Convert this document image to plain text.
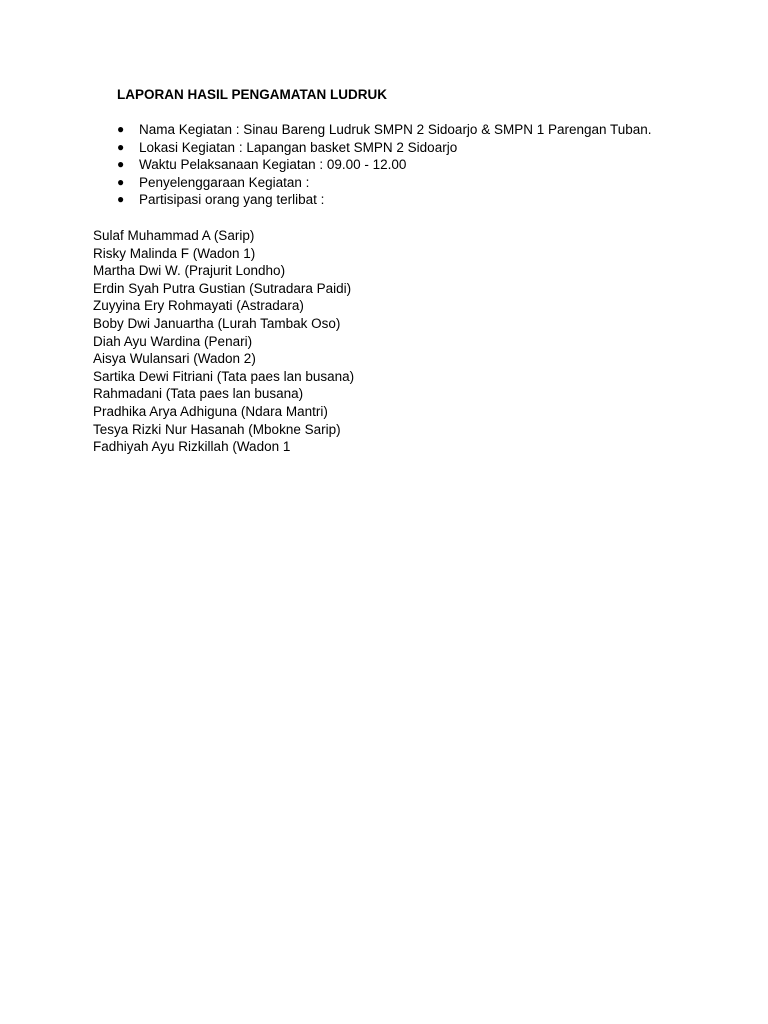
LAPORAN HASIL PENGAMATAN LUDRUK
● Nama Kegiatan : Sinau Bareng Ludruk SMPN 2 Sidoarjo & SMPN 1 Parengan Tuban.
● Lokasi Kegiatan : Lapangan basket SMPN 2 Sidoarjo
● Waktu Pelaksanaan Kegiatan : 09.00 - 12.00
● Penyelenggaraan Kegiatan :
● Partisipasi orang yang terlibat :
Sulaf Muhammad A (Sarip)
Risky Malinda F (Wadon 1)
Martha Dwi W. (Prajurit Londho)
Erdin Syah Putra Gustian (Sutradara Paidi)
Zuyyina Ery Rohmayati (Astradara)
Boby Dwi Januartha (Lurah Tambak Oso)
Diah Ayu Wardina (Penari)
Aisya Wulansari (Wadon 2)
Sartika Dewi Fitriani (Tata paes lan busana)
Rahmadani (Tata paes lan busana)
Pradhika Arya Adhiguna (Ndara Mantri)
Tesya Rizki Nur Hasanah (Mbokne Sarip)
Fadhiyah Ayu Rizkillah (Wadon 1
